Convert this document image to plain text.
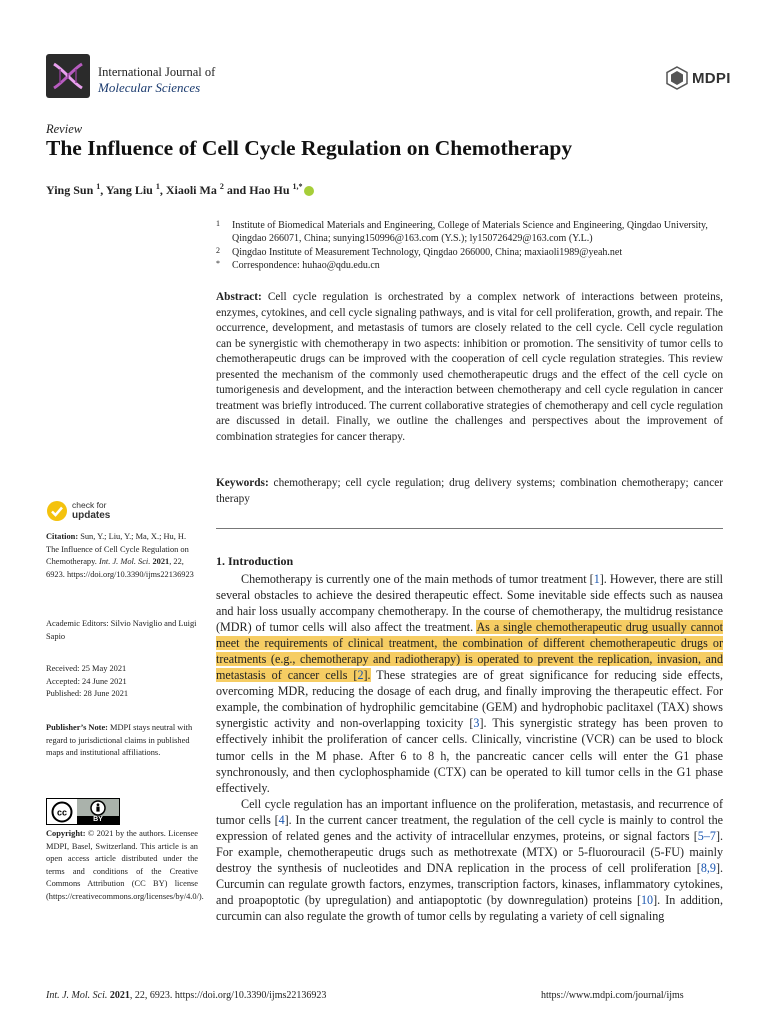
International Journal of
Molecular Sciences
MDPI
Review
The Influence of Cell Cycle Regulation on Chemotherapy
Ying Sun $^1$, Yang Liu $^1$, Xiaoli Ma $^2$ and Hao Hu $^{1,*}$
1 Institute of Biomedical Materials and Engineering, College of Materials Science and Engineering, Qingdao University, Qingdao 266071, China; sunying150996@163.com (Y.S.); ly150726429@163.com (Y.L.)
2 Qingdao Institute of Measurement Technology, Qingdao 266000, China; maxiaoli1989@yeah.net
* Correspondence: huhao@qdu.edu.cn
Abstract: Cell cycle regulation is orchestrated by a complex network of interactions between proteins, enzymes, cytokines, and cell cycle signaling pathways, and is vital for cell proliferation, growth, and repair. The occurrence, development, and metastasis of tumors are closely related to the cell cycle. Cell cycle regulation can be synergistic with chemotherapy in two aspects: inhibition or promotion. The sensitivity of tumor cells to chemotherapeutic drugs can be improved with the cooperation of cell cycle regulation strategies. This review presented the mechanism of the commonly used chemotherapeutic drugs and the effect of the cell cycle on tumorigenesis and development, and the interaction between chemotherapy and cell cycle regulation in cancer treatment was briefly introduced. The current collaborative strategies of chemotherapy and cell cycle regulation are discussed in detail. Finally, we outline the challenges and perspectives about the improvement of combination strategies for cancer therapy.
Keywords: chemotherapy; cell cycle regulation; drug delivery systems; combination chemotherapy; cancer therapy
1. Introduction

Chemotherapy is currently one of the main methods of tumor treatment [1]. However, there are still several obstacles to achieve the desired therapeutic effect. Some inevitable side effects such as nausea and hair loss usually accompany chemotherapy. In the course of chemotherapy, the multidrug resistance (MDR) of tumor cells will also affect the treatment. As a single chemotherapeutic drug usually cannot meet the requirements of clinical treatment, the combination of different chemotherapeutic drugs or treatments (e.g., chemotherapy and radiotherapy) is operated to prevent the replication, invasion, and metastasis of cancer cells [2]. These strategies are of great significance for reducing side effects, overcoming MDR, reducing the dosage of each drug, and finally improving the therapeutic effect. For example, the combination of hydrophilic gemcitabine (GEM) and hydrophobic paclitaxel (TAX) shows synergistic activity and non-overlapping toxicity [3]. This synergistic strategy has been proven to effectively inhibit the proliferation of cancer cells. Clinically, vincristine (VCR) can be used to block tumor cells in the M phase. After 6 to 8 h, the pancreatic cancer cells will enter the G1 phase synchronously, and then cyclophosphamide (CTX) can be operated to kill tumor cells in the G1 phase effectively.

Cell cycle regulation has an important influence on the proliferation, metastasis, and recurrence of tumor cells [4]. In the current cancer treatment, the regulation of the cell cycle is mainly to control the expression of related genes and the activity of intracellular enzymes, proteins, or signal factors [5–7]. For example, chemotherapeutic drugs such as methotrexate (MTX) or 5-fluorouracil (5-FU) mainly destroy the synthesis of nucleotides and DNA replication in the process of cell proliferation [8,9]. Curcumin can regulate growth factors, enzymes, transcription factors, kinases, inflammatory cytokines, and proapoptotic (by upregulation) and antiapoptotic (by downregulation) proteins [10]. In addition, curcumin can also regulate the growth of tumor cells by regulating a variety of cell signaling

check for
updates
Citation: Sun, Y.; Liu, Y.; Ma, X.; Hu, H. The Influence of Cell Cycle Regulation on Chemotherapy. Int. J. Mol. Sci. 2021, 22, 6923. https://doi.org/10.3390/ijms22136923
Academic Editors: Silvio Naviglio and Luigi Sapio
Received: 25 May 2021
Accepted: 24 June 2021
Published: 28 June 2021
Publisher’s Note: MDPI stays neutral with regard to jurisdictional claims in published maps and institutional affiliations.
cc
BY
Copyright: © 2021 by the authors. Licensee MDPI, Basel, Switzerland. This article is an open access article distributed under the terms and conditions of the Creative Commons Attribution (CC BY) license (https://creativecommons.org/licenses/by/4.0/).
Int. J. Mol. Sci. 2021, 22, 6923. https://doi.org/10.3390/ijms22136923	https://www.mdpi.com/journal/ijms
